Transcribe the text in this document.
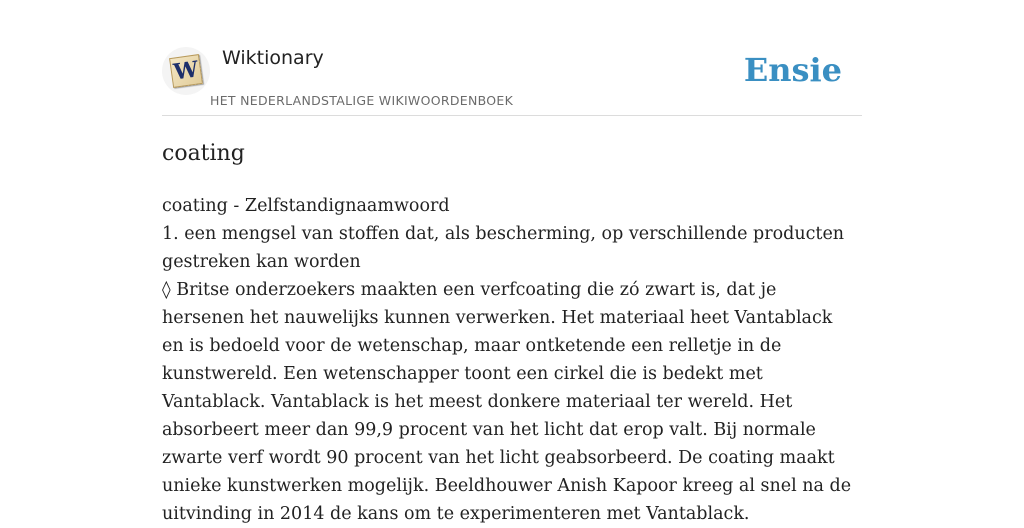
W Wiktionary
HET NEDERLANDSTALIGE WIKIWOORDENBOEK
Ensie
coating

coating - Zelfstandignaamwoord

1. een mengsel van stoffen dat, als bescherming, op verschillende producten gestreken kan worden

◊ Britse onderzoekers maakten een verfcoating die zó zwart is, dat je hersenen het nauwelijks kunnen verwerken. Het materiaal heet Vantablack en is bedoeld voor de wetenschap, maar ontketende een relletje in de kunstwereld. Een wetenschapper toont een cirkel die is bedekt met Vantablack. Vantablack is het meest donkere materiaal ter wereld. Het absorbeert meer dan 99,9 procent van het licht dat erop valt. Bij normale zwarte verf wordt 90 procent van het licht geabsorbeerd. De coating maakt unieke kunstwerken mogelijk. Beeldhouwer Anish Kapoor kreeg al snel na de uitvinding in 2014 de kans om te experimenteren met Vantablack.
